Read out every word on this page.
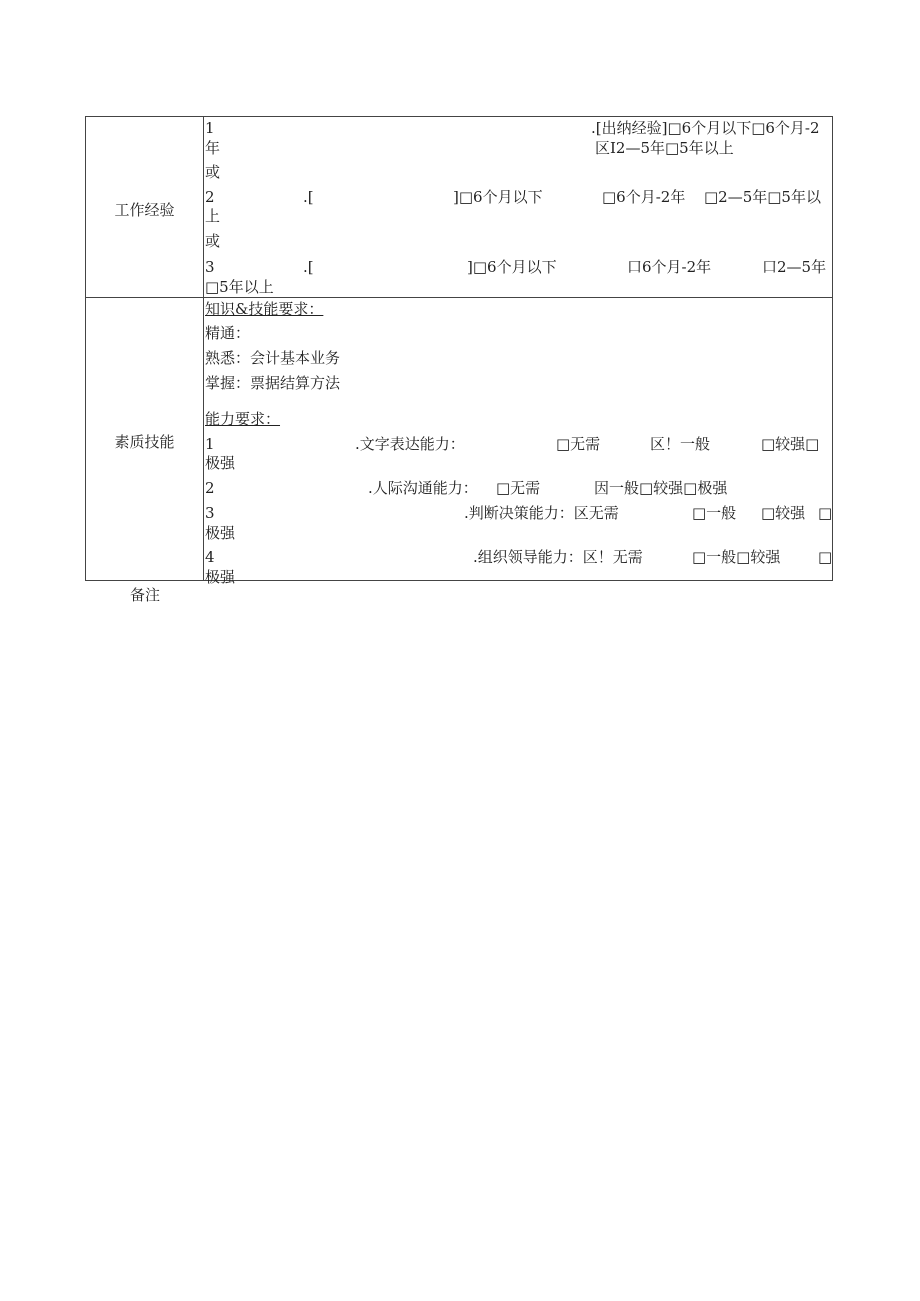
工作经验
1	.[出纳经验]□6个月以下□6个月-2
年	区I2—5年□5年以上
或
2	.[	]□6个月以下	□6个月-2年 □2—5年□5年以
上
或
3	.[	]□6个月以下	口6个月-2年	口2—5年
□5年以上
素质技能
知识&技能要求：
精通：
熟悉：会计基本业务
掌握：票据结算方法
能力要求：
1	.文字表达能力：	□无需	区！一般	□较强□
极强
2	.人际沟通能力： □无需	因一般□较强□极强
3	.判断决策能力：区无需	□一般 □较强 □
极强
4	.组织领导能力：区！无需	□一般□较强	□
极强
备注
